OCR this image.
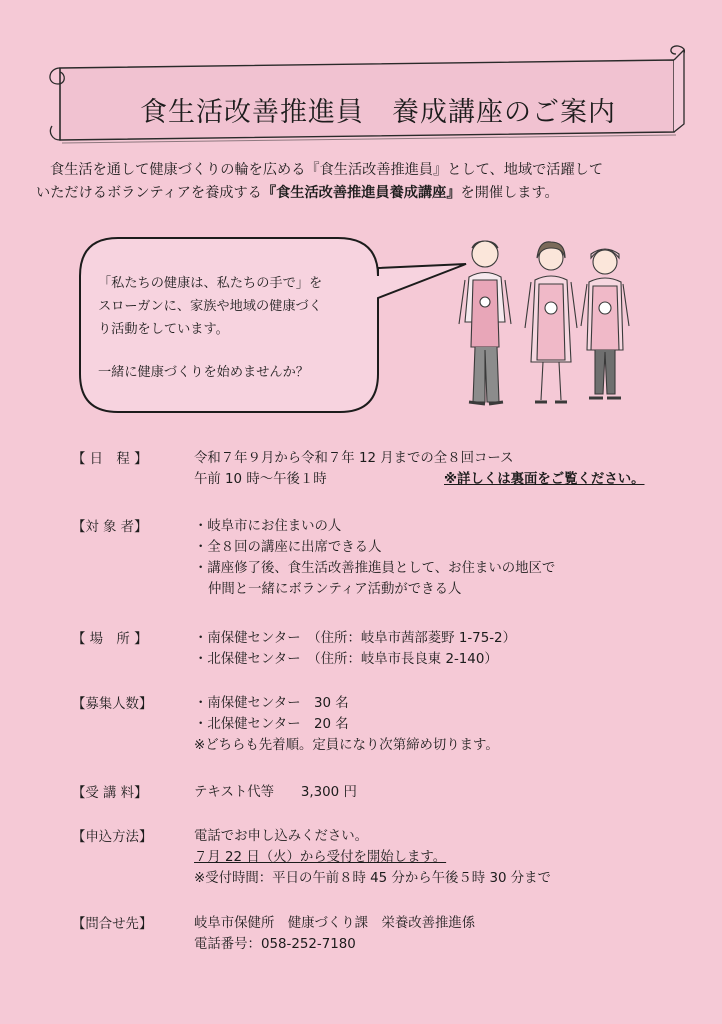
食生活改善推進員　養成講座のご案内

食生活を通して健康づくりの輪を広める『食生活改善推進員』として、地域で活躍して

いただけるボランティアを養成する『食生活改善推進員養成講座』を開催します。

「私たちの健康は、私たちの手で」を

スローガンに、家族や地域の健康づく

り活動をしています。

一緒に健康づくりを始めませんか？

【 日　程 】	令和７年９月から令和７年 12 月までの全８回コース
午前 10 時〜午後１時	※詳しくは裏面をご覧ください。
【対 象 者】	・岐阜市にお住まいの人
・全８回の講座に出席できる人
・講座修了後、食生活改善推進員として、お住まいの地区で
仲間と一緒にボランティア活動ができる人
【 場　所 】	・南保健センター　（住所：岐阜市茜部菱野 1-75-2）
・北保健センター　（住所：岐阜市長良東 2-140）
【募集人数】	・南保健センター　30 名
・北保健センター　20 名
※どちらも先着順。定員になり次第締め切ります。
【受 講 料】	テキスト代等　　3,300 円
【申込方法】	電話でお申し込みください。
７月 22 日（火）から受付を開始します。
※受付時間：平日の午前８時 45 分から午後５時 30 分まで
【問合せ先】	岐阜市保健所　健康づくり課　栄養改善推進係
電話番号：058-252-7180
